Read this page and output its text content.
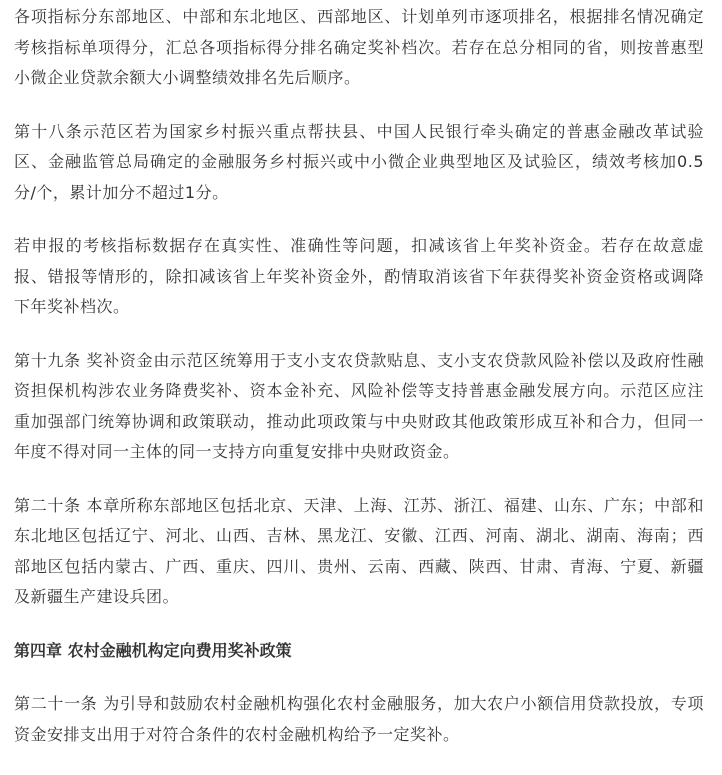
各项指标分东部地区、中部和东北地区、西部地区、计划单列市逐项排名，根据排名情况确定考核指标单项得分，汇总各项指标得分排名确定奖补档次。若存在总分相同的省，则按普惠型小微企业贷款余额大小调整绩效排名先后顺序。

第十八条示范区若为国家乡村振兴重点帮扶县、中国人民银行牵头确定的普惠金融改革试验区、金融监管总局确定的金融服务乡村振兴或中小微企业典型地区及试验区，绩效考核加0.5分/个，累计加分不超过1分。

若申报的考核指标数据存在真实性、准确性等问题，扣减该省上年奖补资金。若存在故意虚报、错报等情形的，除扣减该省上年奖补资金外，酌情取消该省下年获得奖补资金资格或调降下年奖补档次。

第十九条 奖补资金由示范区统筹用于支小支农贷款贴息、支小支农贷款风险补偿以及政府性融资担保机构涉农业务降费奖补、资本金补充、风险补偿等支持普惠金融发展方向。示范区应注重加强部门统筹协调和政策联动，推动此项政策与中央财政其他政策形成互补和合力，但同一年度不得对同一主体的同一支持方向重复安排中央财政资金。

第二十条 本章所称东部地区包括北京、天津、上海、江苏、浙江、福建、山东、广东；中部和东北地区包括辽宁、河北、山西、吉林、黑龙江、安徽、江西、河南、湖北、湖南、海南；西部地区包括内蒙古、广西、重庆、四川、贵州、云南、西藏、陕西、甘肃、青海、宁夏、新疆及新疆生产建设兵团。

第四章 农村金融机构定向费用奖补政策

第二十一条 为引导和鼓励农村金融机构强化农村金融服务，加大农户小额信用贷款投放，专项资金安排支出用于对符合条件的农村金融机构给予一定奖补。
